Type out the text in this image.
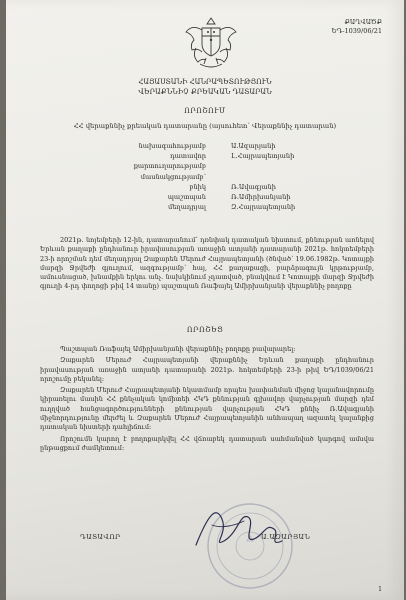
ՔԱՂՎԱԾՔ
ԵԴ-1039/06/21
ՀԱՅԱՍՏԱՆԻ ՀԱՆՐԱՊԵՏՈՒԹՅՈՒՆ
ՎԵՐԱՔՆՆԻՉ ՔՐԵԱԿԱՆ ԴԱՏԱՐԱՆ
ՈՐՈՇՈՒՄ
ՀՀ վերաքննիչ քրեական դատարանը (այսուհետ՝ Վերաքննիչ դատարան)
նախագահությամբ
դատավոր
քարտուղարությամբ
մասնակցությամբ՝
բնիկ
պաշտպան
մեղադրյալ
Ա.Ազարյանի
Լ.Հայրապետյանի
Ռ.Ավագյանի
Ռ.Ամիրխանյանի
Զ.Հայրապետյանի

2021թ. նոյեմբերի 12-ին, դատարանում՝ դռնփակ դատական նիստում, քննության առնելով Երևան քաղաքի ընդհանուր իրավասության առաջին ատյանի դատարանի 2021թ. հոկտեմբերի 23-ի որոշման դեմ մեղադրյալ Զաքարեն Մերուժ Հայրապետյանի (ծնված՝ 19.06.1982թ. Կոտայքի մարզի Ջրվեժի գյուղում, ազգությամբ՝ հայ, ՀՀ քաղաքացի, բարձրագույն կրթությամբ, ամուսնացած, խնամքին երկու անչ. նախկինում չդատված, բնակվում է Կոտայքի մարզի Ջրվեժի գյուղի 4-րդ փողոցի թիվ 14 տանը) պաշտպան Ռաֆայել Ամիրխանյանի վերաքննիչ բողոքը

ՈՐՈՇԵՑ

Պաշտպան Ռաֆայել Ամիրխանյանի վերաքննիչ բողոքը բավարարել:

Զաքարեն Մերուժ Հայրապետյանի վերաքննիչ Երևան քաղաքի ընդհանուր իրավասության առաջին ատյանի դատարանի 2021թ. հոկտեմբերի 23-ի թիվ ԵԴ/1039/06/21 որոշումը բեկանել:

Զաքարեն Մերուժ Հայրապետյանի նկատմամբ որպես խափանման միջոց կալանավորումը կիրառելու մասին ՀՀ քննչական կոմիտեի ՀԿԴ քննության գլխավոր վարչության մարզի դեմ ուղղված հանցագործությունների քննության վարչության ՀԿԴ քննիչ Ռ.Ավագյանի միջնորդությունը մերժել և Զաքարեն Մերուժ Հայրապետյանին անհապաղ ազատել կալանքից դատական նիստերի դահլիճում:

Որոշումն կարող է բողոքարկվել ՀՀ վճռաբեկ դատարան սահմանված կարգով ամսվա ընթացքում ժամկետում:

ԴԱՏԱՎՈՐ	Ա.ԱԶԱՐՅԱՆ
1
